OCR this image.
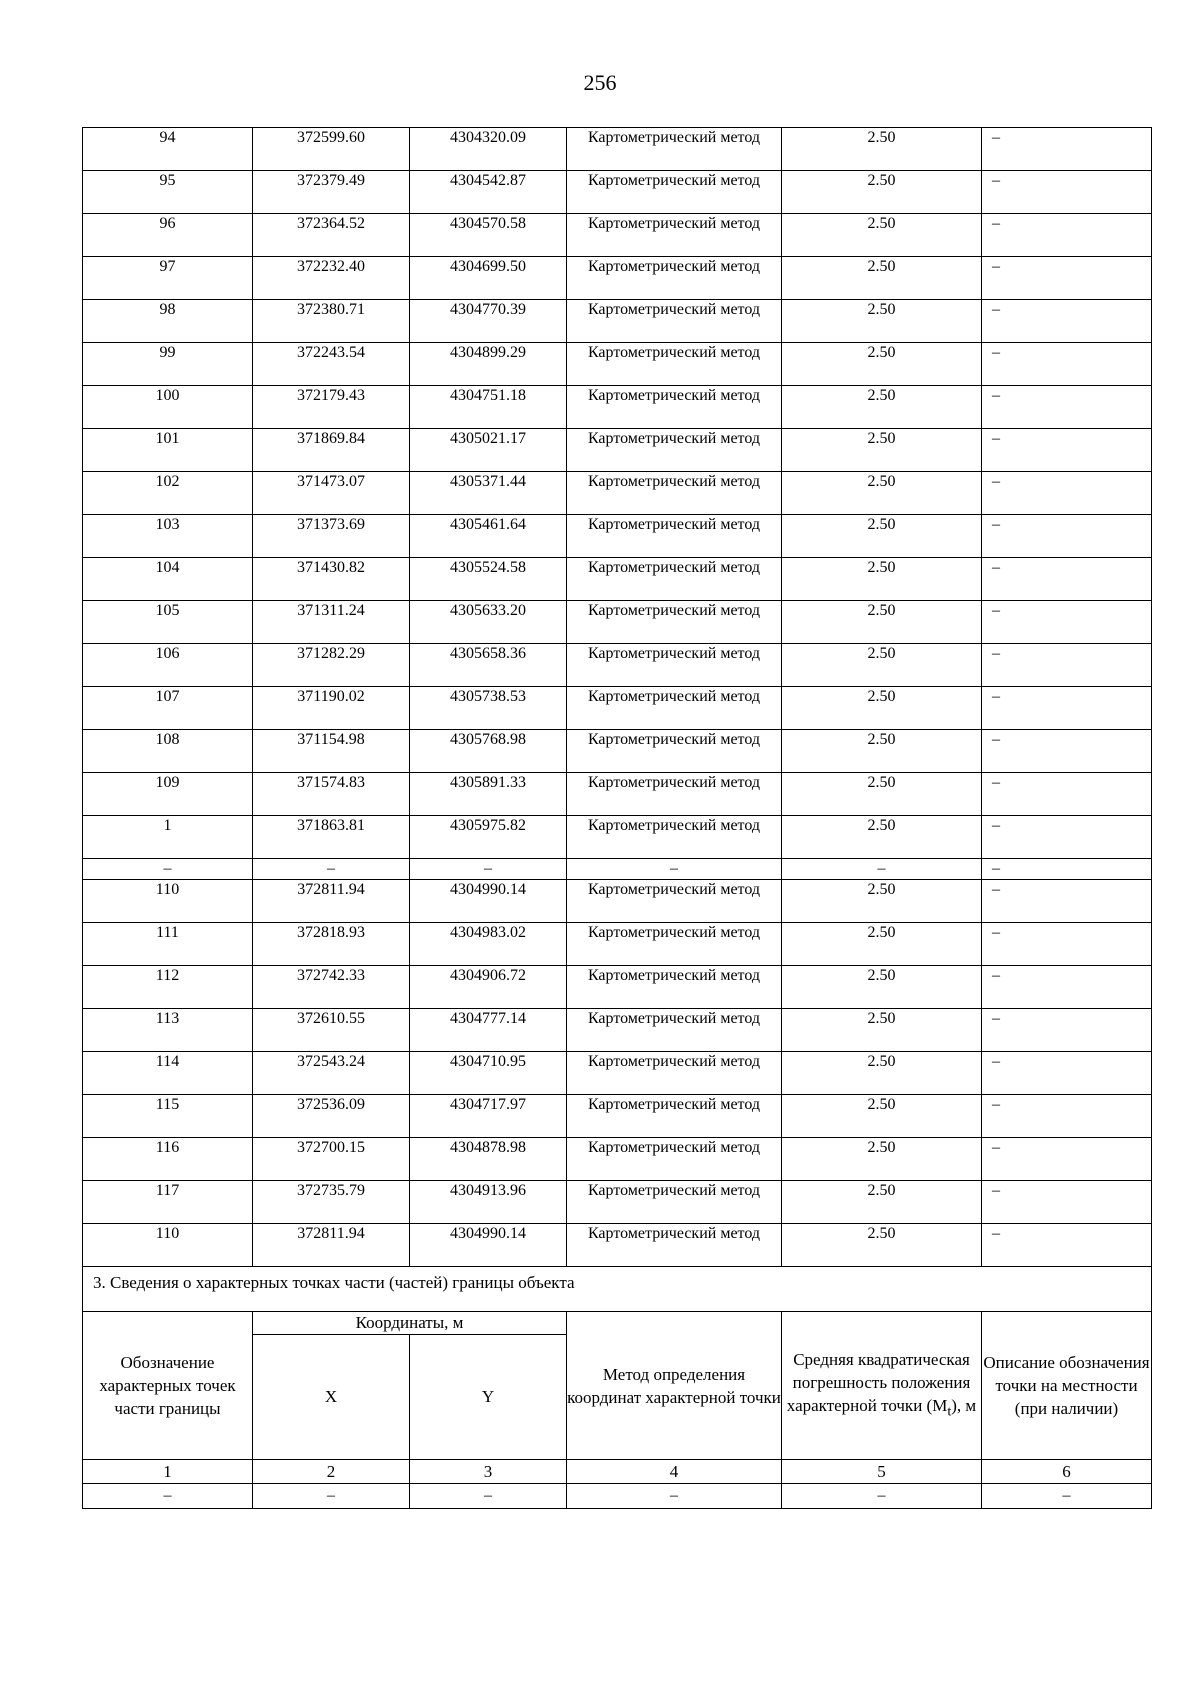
256
94	372599.60	4304320.09	Картометрический метод	2.50	–
95	372379.49	4304542.87	Картометрический метод	2.50	–
96	372364.52	4304570.58	Картометрический метод	2.50	–
97	372232.40	4304699.50	Картометрический метод	2.50	–
98	372380.71	4304770.39	Картометрический метод	2.50	–
99	372243.54	4304899.29	Картометрический метод	2.50	–
100	372179.43	4304751.18	Картометрический метод	2.50	–
101	371869.84	4305021.17	Картометрический метод	2.50	–
102	371473.07	4305371.44	Картометрический метод	2.50	–
103	371373.69	4305461.64	Картометрический метод	2.50	–
104	371430.82	4305524.58	Картометрический метод	2.50	–
105	371311.24	4305633.20	Картометрический метод	2.50	–
106	371282.29	4305658.36	Картометрический метод	2.50	–
107	371190.02	4305738.53	Картометрический метод	2.50	–
108	371154.98	4305768.98	Картометрический метод	2.50	–
109	371574.83	4305891.33	Картометрический метод	2.50	–
1	371863.81	4305975.82	Картометрический метод	2.50	–
–	–	–	–	–	–
110	372811.94	4304990.14	Картометрический метод	2.50	–
111	372818.93	4304983.02	Картометрический метод	2.50	–
112	372742.33	4304906.72	Картометрический метод	2.50	–
113	372610.55	4304777.14	Картометрический метод	2.50	–
114	372543.24	4304710.95	Картометрический метод	2.50	–
115	372536.09	4304717.97	Картометрический метод	2.50	–
116	372700.15	4304878.98	Картометрический метод	2.50	–
117	372735.79	4304913.96	Картометрический метод	2.50	–
110	372811.94	4304990.14	Картометрический метод	2.50	–
3. Сведения о характерных точках части (частей) границы объекта					
Обозначение характерных точек части границы	Координаты, м		Метод определения координат характерной точки	Средняя квадратическая погрешность положения характерной точки $(M_t)$, м	Описание обозначения точки на местности (при наличии)
	X	Y			
1	2	3	4	5	6
–	–	–	–	–	–
